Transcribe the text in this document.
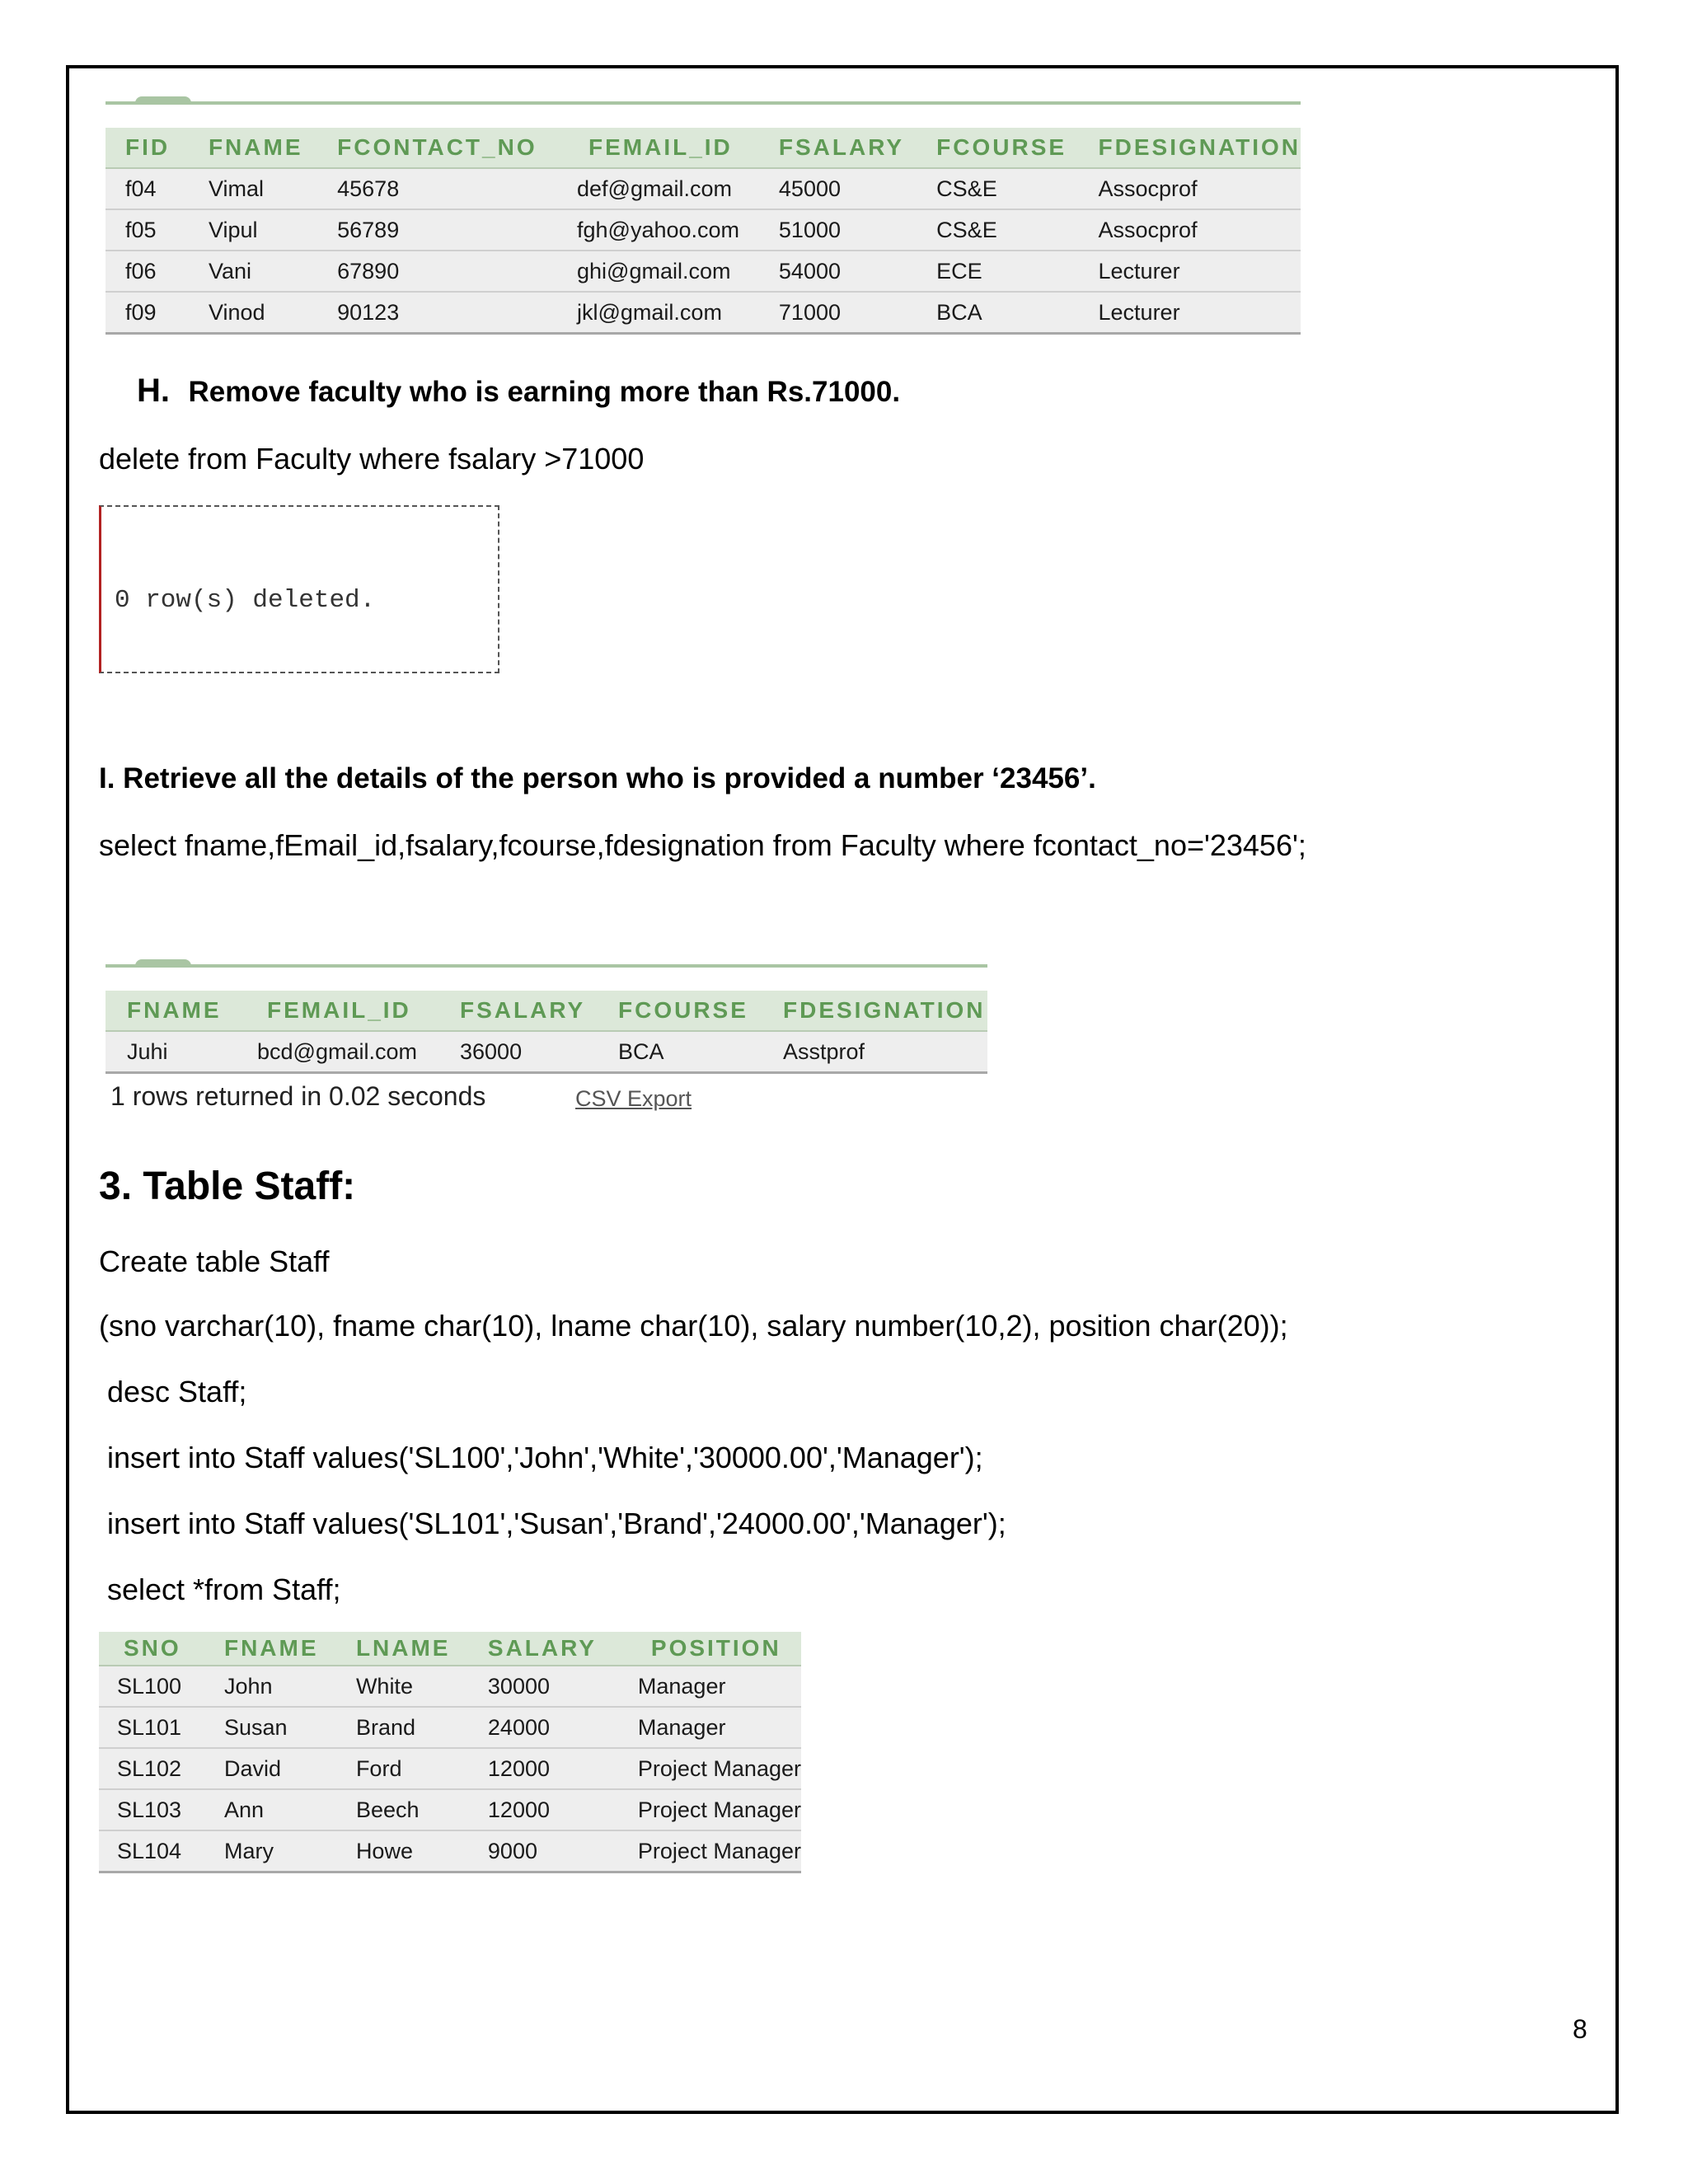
FID	FNAME	FCONTACT_NO	FEMAIL_ID	FSALARY	FCOURSE	FDESIGNATION
f04	Vimal	45678	def@gmail.com	45000	CS&E	Assocprof
f05	Vipul	56789	fgh@yahoo.com	51000	CS&E	Assocprof
f06	Vani	67890	ghi@gmail.com	54000	ECE	Lecturer
f09	Vinod	90123	jkl@gmail.com	71000	BCA	Lecturer
H. Remove faculty who is earning more than Rs.71000.
delete from Faculty where fsalary >71000
0 row(s) deleted.
I. Retrieve all the details of the person who is provided a number ‘23456’.
select fname,fEmail_id,fsalary,fcourse,fdesignation from Faculty where fcontact_no='23456';
FNAME	FEMAIL_ID	FSALARY	FCOURSE	FDESIGNATION
Juhi	bcd@gmail.com	36000	BCA	Asstprof
1 rows returned in 0.02 seconds	CSV Export
3. Table Staff:
Create table Staff
(sno varchar(10), fname char(10), lname char(10), salary number(10,2), position char(20));
desc Staff;
insert into Staff values('SL100','John','White','30000.00','Manager');
insert into Staff values('SL101','Susan','Brand','24000.00','Manager');
select *from Staff;
SNO	FNAME	LNAME	SALARY	POSITION
SL100	John	White	30000	Manager
SL101	Susan	Brand	24000	Manager
SL102	David	Ford	12000	Project Manager
SL103	Ann	Beech	12000	Project Manager
SL104	Mary	Howe	9000	Project Manager
8
